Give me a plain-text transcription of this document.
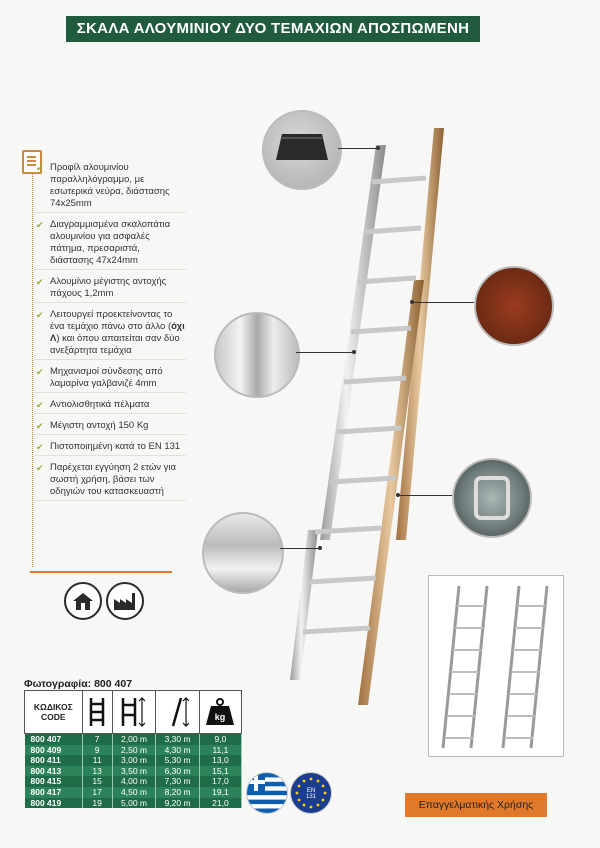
ΣΚΑΛΑ ΑΛΟΥΜΙΝΙΟΥ ΔΥΟ ΤΕΜΑΧΙΩΝ ΑΠΟΣΠΩΜΕΝΗ
✔ Προφίλ αλουμινίου παραλληλόγραμμο, με εσωτερικά νεύρα, διάστασης 74x25mm
✔ Διαγραμμισμένα σκαλοπάτια αλουμινίου για ασφαλές πάτημα, πρεσαριστά, διάστασης 47x24mm
✔ Αλουμίνιο μέγιστης αντοχής πάχους 1,2mm
✔ Λειτουργεί προεκτείνοντας το ένα τεμάχιο πάνω στο άλλο (όχι Λ) και όπου απαιτείται σαν δύο ανεξάρτητα τεμάχια
✔ Μηχανισμοί σύνδεσης από λαμαρίνα γαλβανιζέ 4mm
✔ Αντιολισθητικά πέλματα
✔ Μέγιστη αντοχή 150 Kg
✔ Πιστοποιημένη κατά το EN 131
✔ Παρέχεται εγγύηση 2 ετών για σωστή χρήση, βάσει των οδηγιών του κατασκευαστή
Φωτογραφία: 800 407
ΚΩΔΙΚΟΣ
CODE				kg

800 407	7	2,00 m	3,30 m	9,0
800 409	9	2,50 m	4,30 m	11,1
800 411	11	3,00 m	5,30 m	13,0
800 413	13	3,50 m	6,30 m	15,1
800 415	15	4,00 m	7,30 m	17,0
800 417	17	4,50 m	8,20 m	19,1
800 419	19	5,00 m	9,20 m	21,0
EN
131
Επαγγελματικής Χρήσης
